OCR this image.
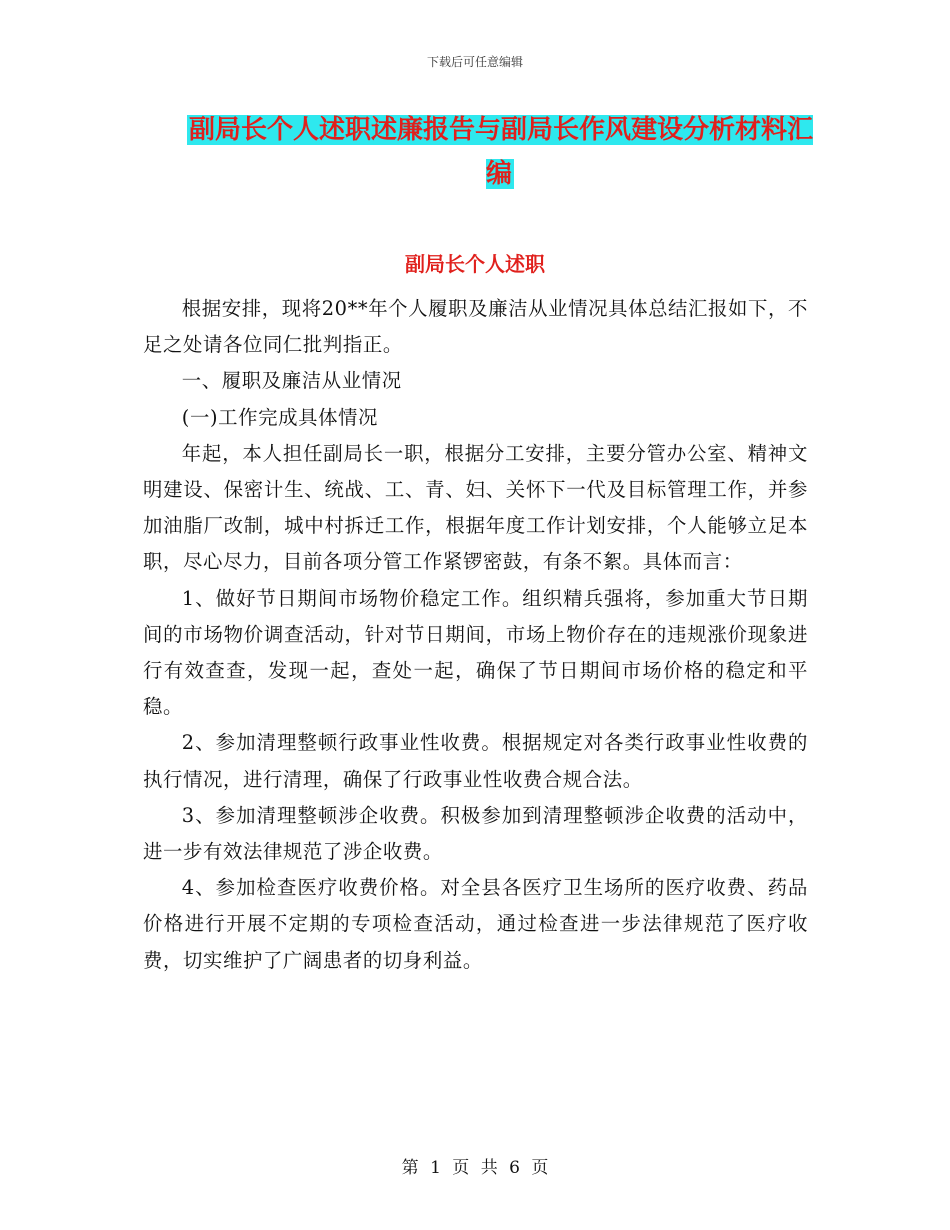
下载后可任意编辑
副局长个人述职述廉报告与副局长作风建设分析材料汇编
副局长个人述职

根据安排，现将20**年个人履职及廉洁从业情况具体总结汇报如下，不足之处请各位同仁批判指正。

一、履职及廉洁从业情况

(一)工作完成具体情况

年起，本人担任副局长一职，根据分工安排，主要分管办公室、精神文明建设、保密计生、统战、工、青、妇、关怀下一代及目标管理工作，并参加油脂厂改制，城中村拆迁工作，根据年度工作计划安排，个人能够立足本职，尽心尽力，目前各项分管工作紧锣密鼓，有条不絮。具体而言：

1、做好节日期间市场物价稳定工作。组织精兵强将，参加重大节日期间的市场物价调查活动，针对节日期间，市场上物价存在的违规涨价现象进行有效查查，发现一起，查处一起，确保了节日期间市场价格的稳定和平稳。

2、参加清理整顿行政事业性收费。根据规定对各类行政事业性收费的执行情况，进行清理，确保了行政事业性收费合规合法。

3、参加清理整顿涉企收费。积极参加到清理整顿涉企收费的活动中，进一步有效法律规范了涉企收费。

4、参加检查医疗收费价格。对全县各医疗卫生场所的医疗收费、药品价格进行开展不定期的专项检查活动，通过检查进一步法律规范了医疗收费，切实维护了广阔患者的切身利益。

第 1 页 共 6 页
